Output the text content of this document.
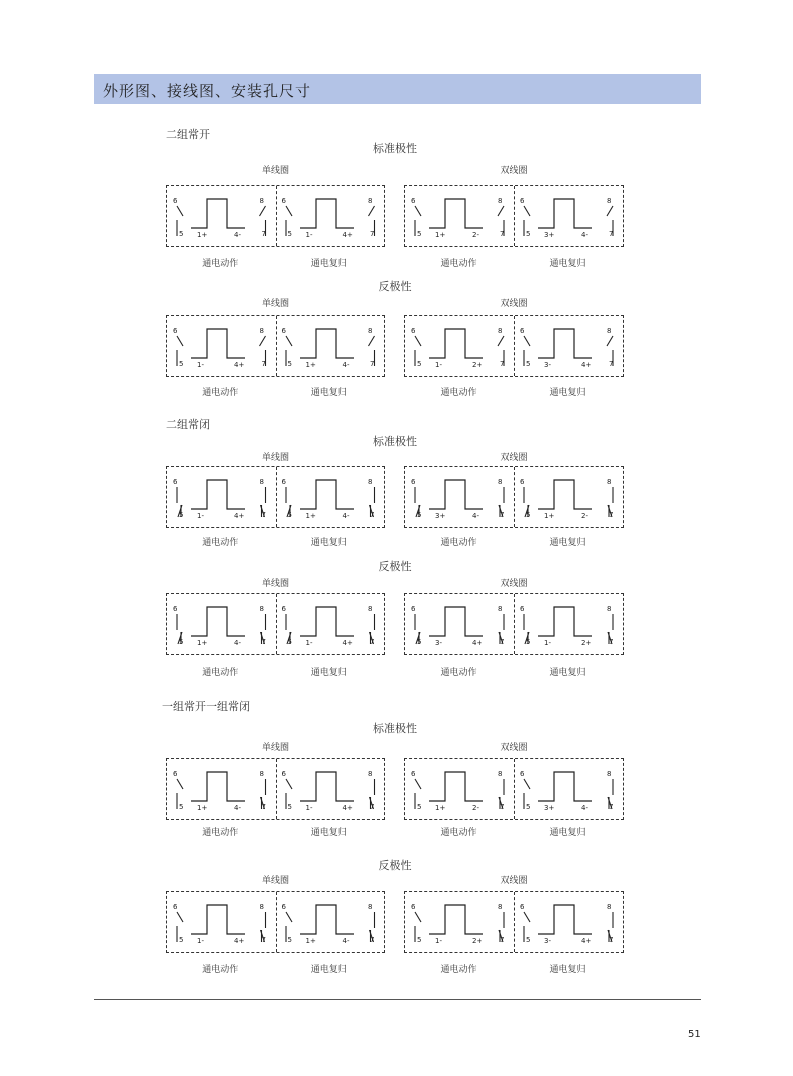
外形图、接线图、安装孔尺寸
二组常开
标准极性
单线圈
6
5
8
7
1+	4-
6
5
8
7
1-	4+
通电动作	通电复归
双线圈
6
5
8
7
1+	2-
6
5
8
7
3+	4-
通电动作	通电复归
反极性
单线圈
6
5
8
7
1-	4+
6
5
8
7
1+	4-
通电动作	通电复归
双线圈
6
5
8
7
1-	2+
6
5
8
7
3-	4+
通电动作	通电复归
二组常闭
标准极性
单线圈
6
5
8
7
1-	4+
6
5
8
7
1+	4-
通电动作	通电复归
双线圈
6
5
8
7
3+	4-
6
5
8
7
1+	2-
通电动作	通电复归
反极性
单线圈
6
5
8
7
1+	4-
6
5
8
7
1-	4+
通电动作	通电复归
双线圈
6
5
8
7
3-	4+
6
5
8
7
1-	2+
通电动作	通电复归
一组常开一组常闭
标准极性
单线圈
6
5
8
7
1+	4-
6
5
8
7
1-	4+
通电动作	通电复归
双线圈
6
5
8
7
1+	2-
6
5
8
7
3+	4-
通电动作	通电复归
反极性
单线圈
6
5
8
7
1-	4+
6
5
8
7
1+	4-
通电动作	通电复归
双线圈
6
5
8
7
1-	2+
6
5
8
7
3-	4+
通电动作	通电复归
51
